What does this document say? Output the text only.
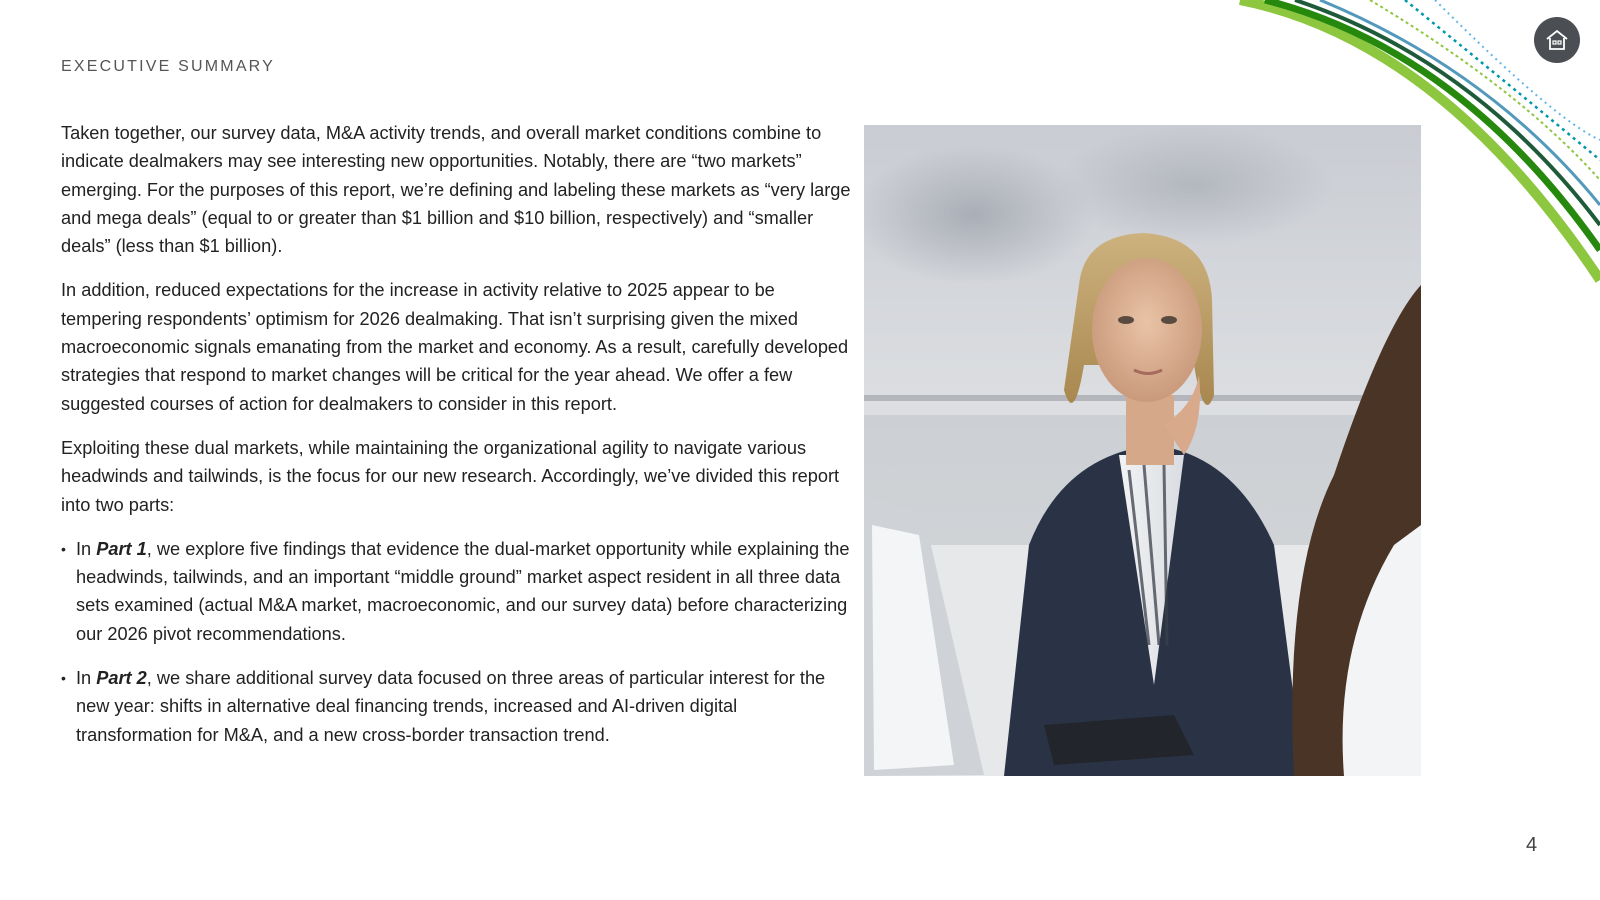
EXECUTIVE SUMMARY

Taken together, our survey data, M&A activity trends, and overall market conditions combine to indicate dealmakers may see interesting new opportunities. Notably, there are “two markets” emerging. For the purposes of this report, we’re defining and labeling these markets as “very large and mega deals” (equal to or greater than $1 billion and $10 billion, respectively) and “smaller deals” (less than $1 billion).

In addition, reduced expectations for the increase in activity relative to 2025 appear to be tempering respondents’ optimism for 2026 dealmaking. That isn’t surprising given the mixed macroeconomic signals emanating from the market and economy. As a result, carefully developed strategies that respond to market changes will be critical for the year ahead. We offer a few suggested courses of action for dealmakers to consider in this report.

Exploiting these dual markets, while maintaining the organizational agility to navigate various headwinds and tailwinds, is the focus for our new research. Accordingly, we’ve divided this report into two parts:

• In Part 1, we explore five findings that evidence the dual-market opportunity while explaining the headwinds, tailwinds, and an important “middle ground” market aspect resident in all three data sets examined (actual M&A market, macroeconomic, and our survey data) before characterizing our 2026 pivot recommendations.
• In Part 2, we share additional survey data focused on three areas of particular interest for the new year: shifts in alternative deal financing trends, increased and AI-driven digital transformation for M&A, and a new cross-border transaction trend.
4
